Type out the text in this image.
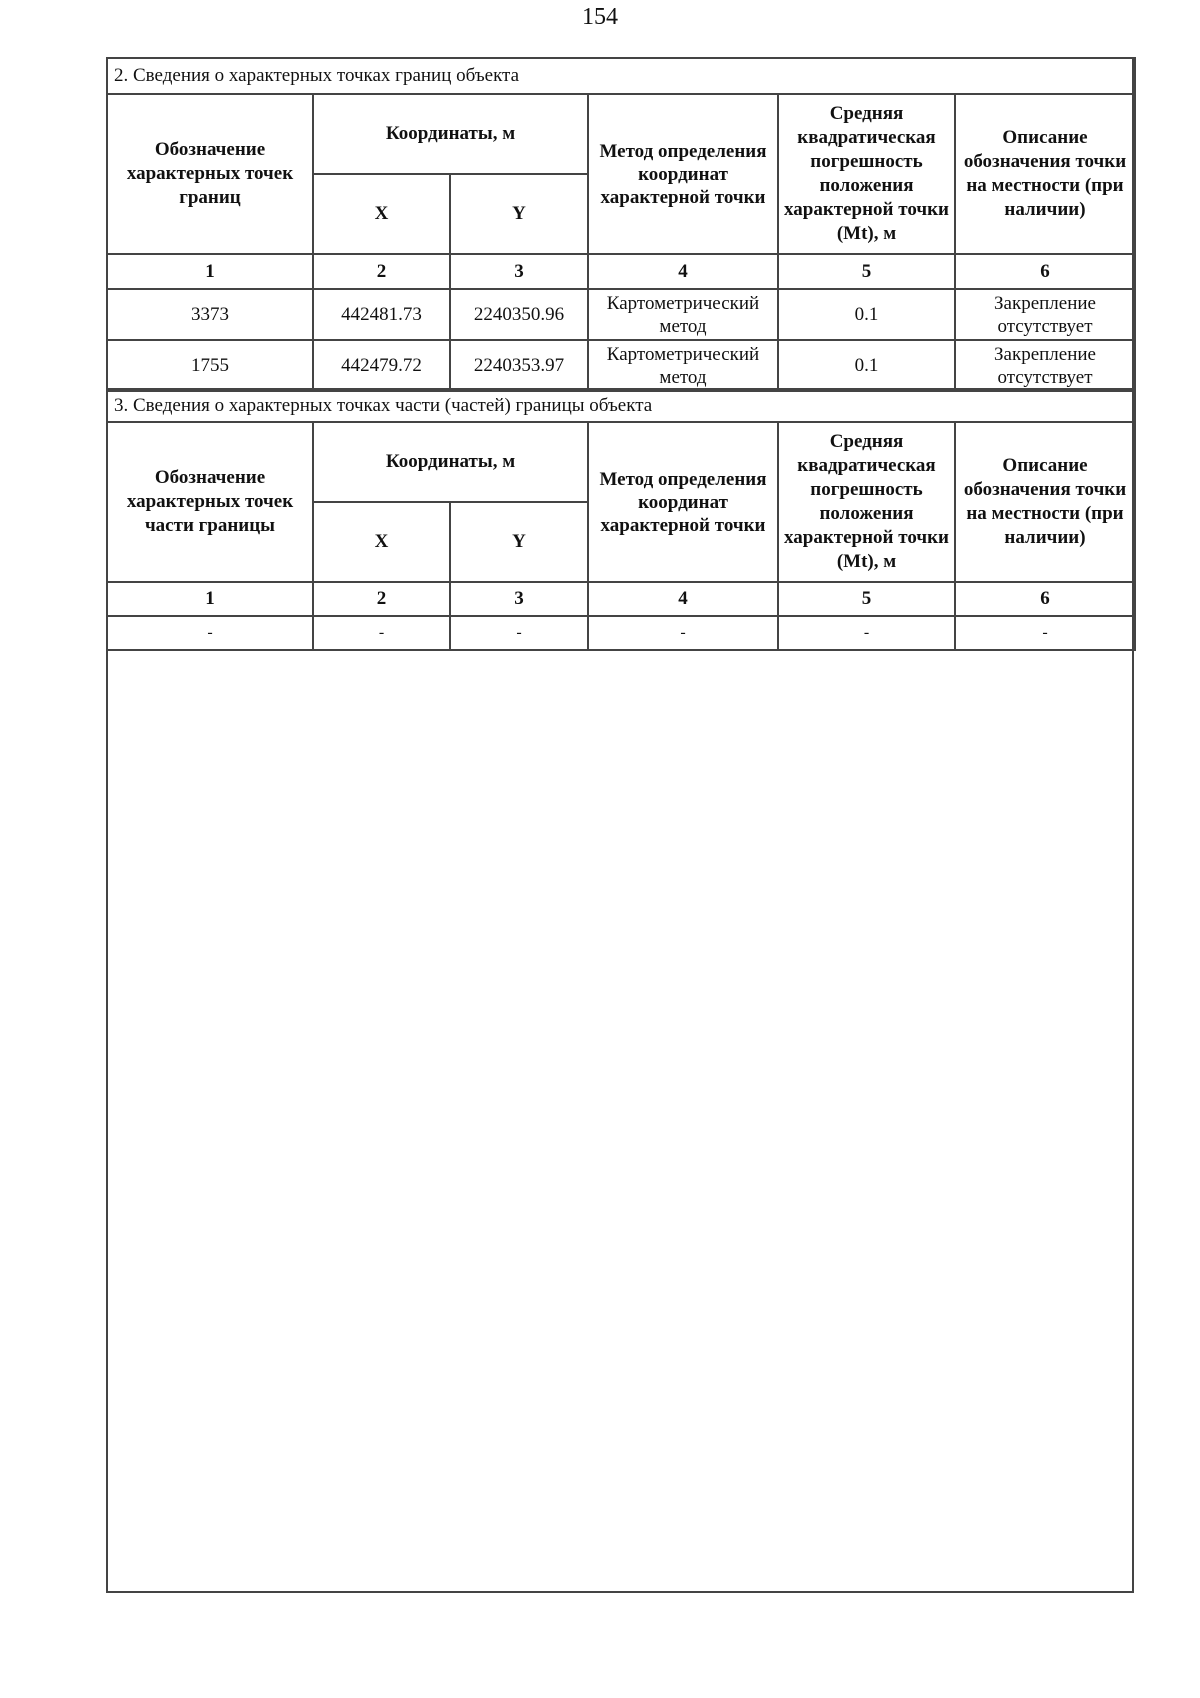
154
2. Сведения о характерных точках границ объекта					
Обозначение характерных точек границ	Координаты, м		Метод определения координат характерной точки	Средняя квадратическая погрешность положения характерной точки (Mt), м	Описание обозначения точки на местности (при наличии)
	X	Y			
1	2	3	4	5	6
3373	442481.73	2240350.96	Картометрический метод	0.1	Закрепление отсутствует
1755	442479.72	2240353.97	Картометрический метод	0.1	Закрепление отсутствует
3. Сведения о характерных точках части (частей) границы объекта					
Обозначение характерных точек части границы	Координаты, м		Метод определения координат характерной точки	Средняя квадратическая погрешность положения характерной точки (Mt), м	Описание обозначения точки на местности (при наличии)
	X	Y			
1	2	3	4	5	6
-	-	-	-	-	-
